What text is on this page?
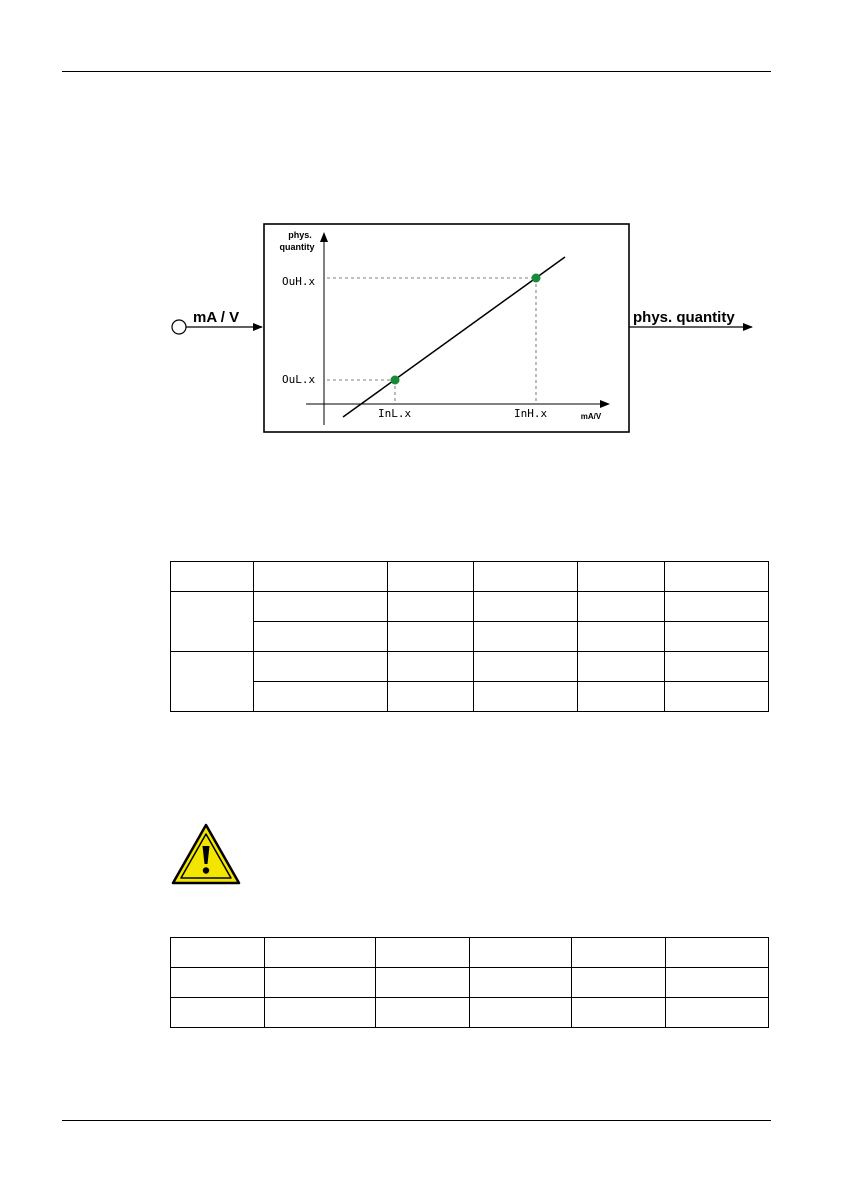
mA / V
phys.
quantity
mA/V
OuH.x
OuL.x
InL.x	InH.x
phys. quantity
